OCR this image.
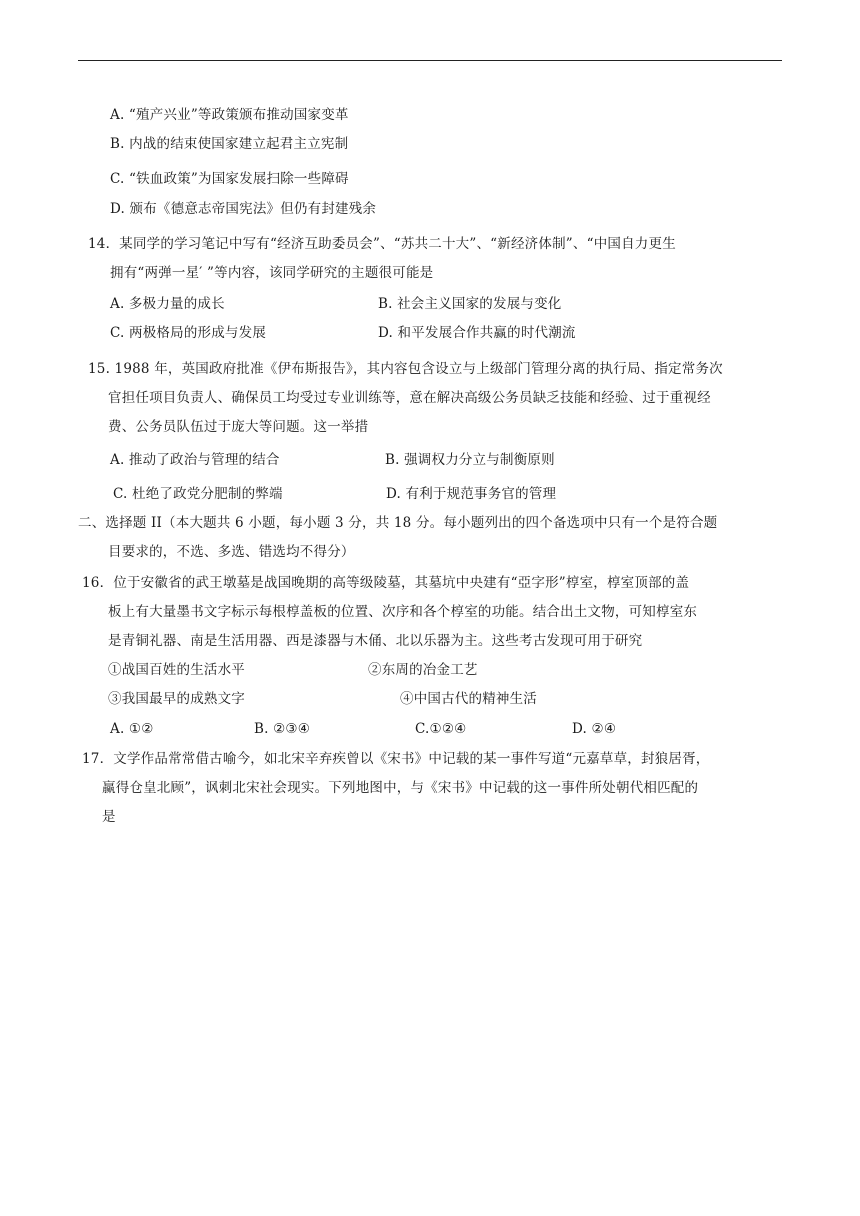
A. “殖产兴业”等政策颁布推动国家变革
B. 内战的结束使国家建立起君主立宪制
C. “铁血政策”为国家发展扫除一些障碍
D. 颁布《德意志帝国宪法》但仍有封建残余
14．某同学的学习笔记中写有“经济互助委员会”、“苏共二十大”、“新经济体制”、“中国自力更生
拥有“两弹一星′ ”等内容，该同学研究的主题很可能是
A. 多极力量的成长	B. 社会主义国家的发展与变化
C. 两极格局的形成与发展	D. 和平发展合作共赢的时代潮流
15. 1988 年，英国政府批准《伊布斯报告》，其内容包含设立与上级部门管理分离的执行局、指定常务次
官担任项目负责人、确保员工均受过专业训练等，意在解决高级公务员缺乏技能和经验、过于重视经
费、公务员队伍过于庞大等问题。这一举措
A. 推动了政治与管理的结合	B. 强调权力分立与制衡原则
C. 杜绝了政党分肥制的弊端	D. 有利于规范事务官的管理
二、选择题 II（本大题共 6 小题，每小题 3 分，共 18 分。每小题列出的四个备选项中只有一个是符合题
目要求的，不选、多选、错选均不得分）
16．位于安徽省的武王墩墓是战国晚期的高等级陵墓，其墓坑中央建有“亞字形”椁室，椁室顶部的盖
板上有大量墨书文字标示每根椁盖板的位置、次序和各个椁室的功能。结合出土文物，可知椁室东
是青铜礼器、南是生活用器、西是漆器与木俑、北以乐器为主。这些考古发现可用于研究
①战国百姓的生活水平	②东周的冶金工艺
③我国最早的成熟文字	④中国古代的精神生活
A. ①②	B. ②③④	C.①②④	D. ②④
17．文学作品常常借古喻今，如北宋辛弃疾曾以《宋书》中记载的某一事件写道“元嘉草草，封狼居胥，
赢得仓皇北顾”，讽刺北宋社会现实。下列地图中，与《宋书》中记载的这一事件所处朝代相匹配的
是
